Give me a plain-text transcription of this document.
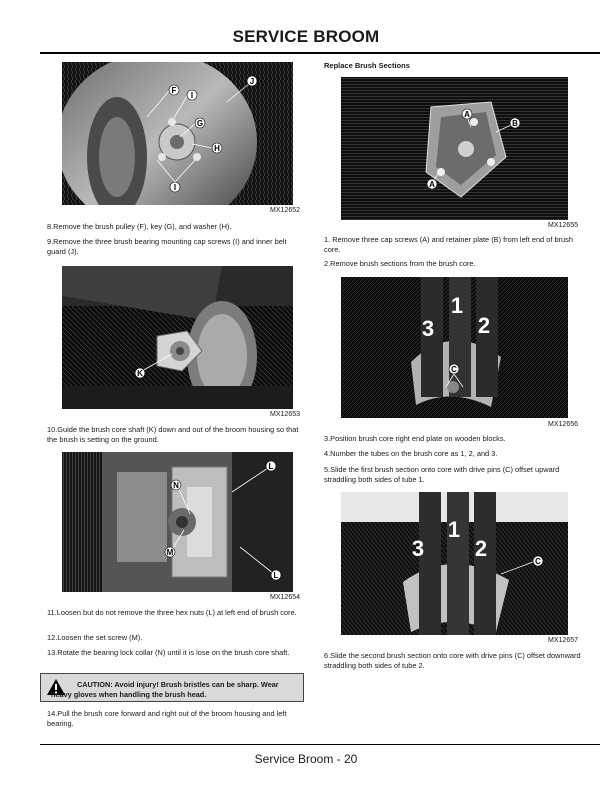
SERVICE BROOM
F
I
G
H
I
J
MX12652
8.Remove the brush pulley (F), key (G), and washer (H).
9.Remove the three brush bearing mounting cap screws (I) and inner belt guard (J).
K
MX12653
10.Guide the brush core shaft (K) down and out of the broom housing so that the brush is setting on the ground.
L
N
M
L
MX12654
11.Loosen but do not remove the three hex nuts (L) at left end of brush core.
12.Loosen the set screw (M).
13.Rotate the bearing lock collar (N) until it is lose on the brush core shaft.
CAUTION: Avoid injury! Brush bristles can be sharp. Wear heavy gloves when handling the brush head.
14.Pull the brush core forward and right out of the broom housing and left bearing.
Replace Brush Sections
A
B
A
MX12655
1. Remove three cap screws (A) and retainer plate (B) from left end of brush core.
2.Remove brush sections from the brush core.
1
2
3
C
MX12656
3.Position brush core right end plate on wooden blocks.
4.Number the tubes on the brush core as 1, 2, and 3.
5.Slide the first brush section onto core with drive pins (C) offset upward straddling both sides of tube 1.
1
2
3
C
MX12657
6.Slide the second brush section onto core with drive pins (C) offset downward straddling both sides of tube 2.
Service Broom - 20
